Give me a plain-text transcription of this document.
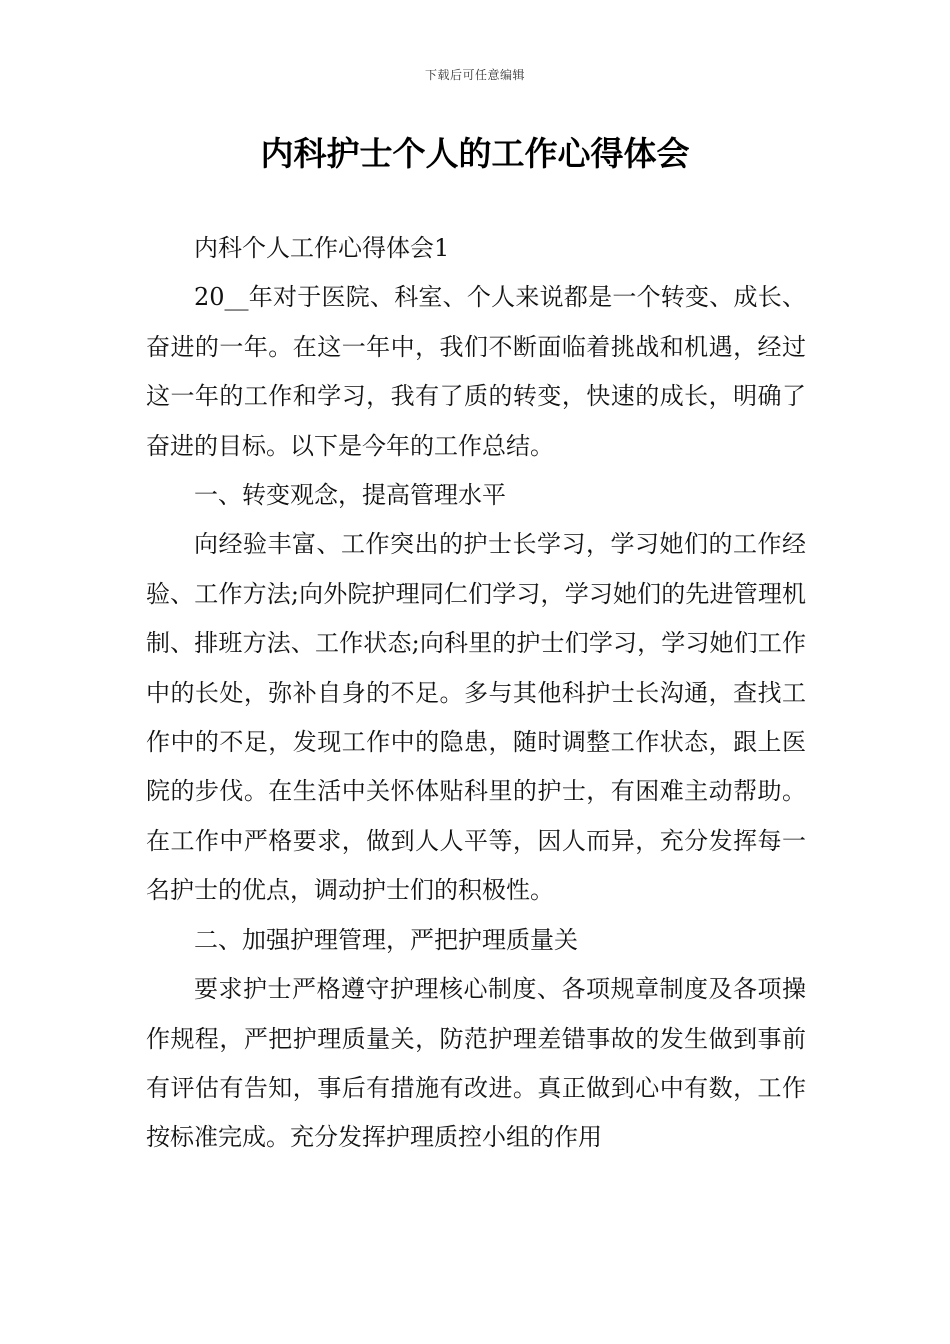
下载后可任意编辑
内科护士个人的工作心得体会

内科个人工作心得体会1

20__年对于医院、科室、个人来说都是一个转变、成长、奋进的一年。在这一年中，我们不断面临着挑战和机遇，经过这一年的工作和学习，我有了质的转变，快速的成长，明确了奋进的目标。以下是今年的工作总结。

一、转变观念，提高管理水平

向经验丰富、工作突出的护士长学习，学习她们的工作经验、工作方法;向外院护理同仁们学习，学习她们的先进管理机制、排班方法、工作状态;向科里的护士们学习，学习她们工作中的长处，弥补自身的不足。多与其他科护士长沟通，查找工作中的不足，发现工作中的隐患，随时调整工作状态，跟上医院的步伐。在生活中关怀体贴科里的护士，有困难主动帮助。在工作中严格要求，做到人人平等，因人而异，充分发挥每一名护士的优点，调动护士们的积极性。

二、加强护理管理，严把护理质量关

要求护士严格遵守护理核心制度、各项规章制度及各项操作规程，严把护理质量关，防范护理差错事故的发生做到事前有评估有告知，事后有措施有改进。真正做到心中有数，工作按标准完成。充分发挥护理质控小组的作用
